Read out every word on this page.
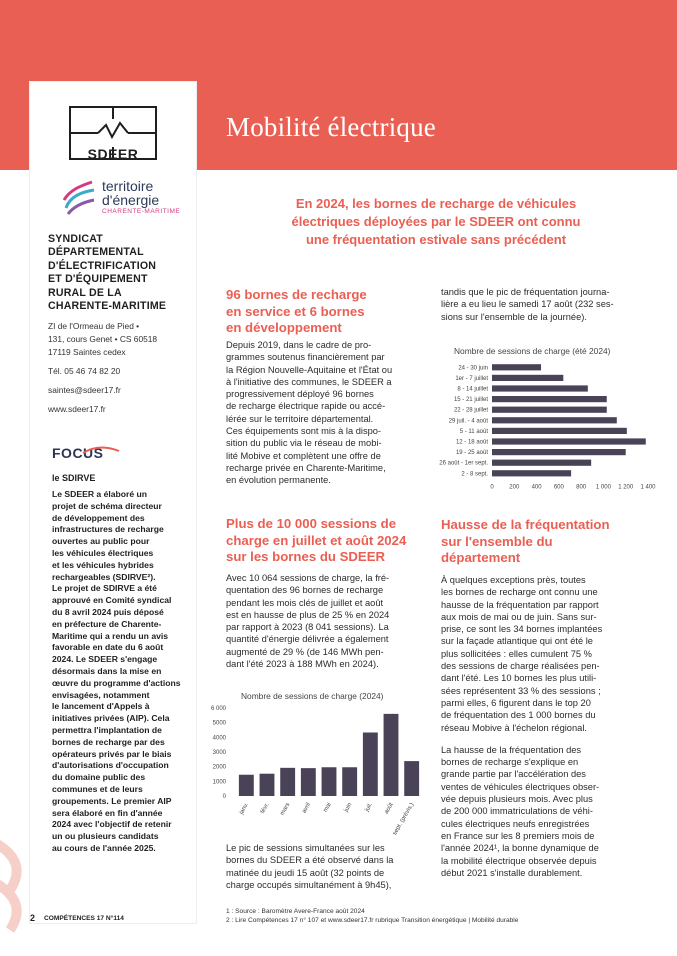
Mobilité électrique
SDEER
territoire
d'énergie
CHARENTE-MARITIME
SYNDICAT
DÉPARTEMENTAL
D'ÉLECTRIFICATION
ET D'ÉQUIPEMENT
RURAL DE LA
CHARENTE-MARITIME
ZI de l'Ormeau de Pied •
131, cours Genet • CS 60518
17119 Saintes cedex
Tél. 05 46 74 82 20
saintes@sdeer17.fr
www.sdeer17.fr
FOCUS
le SDIRVE
Le SDEER a élaboré un
projet de schéma directeur
de développement des
infrastructures de recharge
ouvertes au public pour
les véhicules électriques
et les véhicules hybrides
rechargeables (SDIRVE²).
Le projet de SDIRVE a été
approuvé en Comité syndical
du 8 avril 2024 puis déposé
en préfecture de Charente-
Maritime qui a rendu un avis
favorable en date du 6 août
2024. Le SDEER s'engage
désormais dans la mise en
œuvre du programme d'actions
envisagées, notamment
le lancement d'Appels à
initiatives privées (AIP). Cela
permettra l'implantation de
bornes de recharge par des
opérateurs privés par le biais
d'autorisations d'occupation
du domaine public des
communes et de leurs
groupements. Le premier AIP
sera élaboré en fin d'année
2024 avec l'objectif de retenir
un ou plusieurs candidats
au cours de l'année 2025.
En 2024, les bornes de recharge de véhicules
électriques déployées par le SDEER ont connu
une fréquentation estivale sans précédent
96 bornes de recharge
en service et 6 bornes
en développement
Depuis 2019, dans le cadre de pro-
grammes soutenus financièrement par
la Région Nouvelle-Aquitaine et l'État ou
à l'initiative des communes, le SDEER a
progressivement déployé 96 bornes
de recharge électrique rapide ou accé-
lérée sur le territoire départemental.
Ces équipements sont mis à la dispo-
sition du public via le réseau de mobi-
lité Mobive et complètent une offre de
recharge privée en Charente-Maritime,
en évolution permanente.
Plus de 10 000 sessions de
charge en juillet et août 2024
sur les bornes du SDEER
Avec 10 064 sessions de charge, la fré-
quentation des 96 bornes de recharge
pendant les mois clés de juillet et août
est en hausse de plus de 25 % en 2024
par rapport à 2023 (8 041 sessions). La
quantité d'énergie délivrée a également
augmenté de 29 % (de 146 MWh pen-
dant l'été 2023 à 188 MWh en 2024).
Nombre de sessions de charge (2024)
0
1000
2000
3000
4000
5000
6 000
janv. févr. mars avril mai juin juil. août
sept. (prévis.)
Le pic de sessions simultanées sur les
bornes du SDEER a été observé dans la
matinée du jeudi 15 août (32 points de
charge occupés simultanément à 9h45),
tandis que le pic de fréquentation journa-
lière a eu lieu le samedi 17 août (232 ses-
sions sur l'ensemble de la journée).
Nombre de sessions de charge (été 2024)
24 - 30 juin
1er - 7 juillet
8 - 14 juillet
15 - 21 juillet
22 - 28 juillet
29 juil. - 4 août
5 - 11 août
12 - 18 août
19 - 25 août
26 août - 1er sept.
2 - 8 sept.
0	200 400 600 800 1 000 1 200 1 400
Hausse de la fréquentation
sur l'ensemble du
département
À quelques exceptions près, toutes
les bornes de recharge ont connu une
hausse de la fréquentation par rapport
aux mois de mai ou de juin. Sans sur-
prise, ce sont les 34 bornes implantées
sur la façade atlantique qui ont été le
plus sollicitées : elles cumulent 75 %
des sessions de charge réalisées pen-
dant l'été. Les 10 bornes les plus utili-
sées représentent 33 % des sessions ;
parmi elles, 6 figurent dans le top 20
de fréquentation des 1 000 bornes du
réseau Mobive à l'échelon régional.
La hausse de la fréquentation des
bornes de recharge s'explique en
grande partie par l'accélération des
ventes de véhicules électriques obser-
vée depuis plusieurs mois. Avec plus
de 200 000 immatriculations de véhi-
cules électriques neufs enregistrées
en France sur les 8 premiers mois de
l'année 2024¹, la bonne dynamique de
la mobilité électrique observée depuis
début 2021 s'installe durablement.
2 COMPÉTENCES 17 N°114
1 : Source : Baromètre Avere-France août 2024
2 : Lire Compétences 17 n° 107 et www.sdeer17.fr rubrique Transition énergétique | Mobilité durable
